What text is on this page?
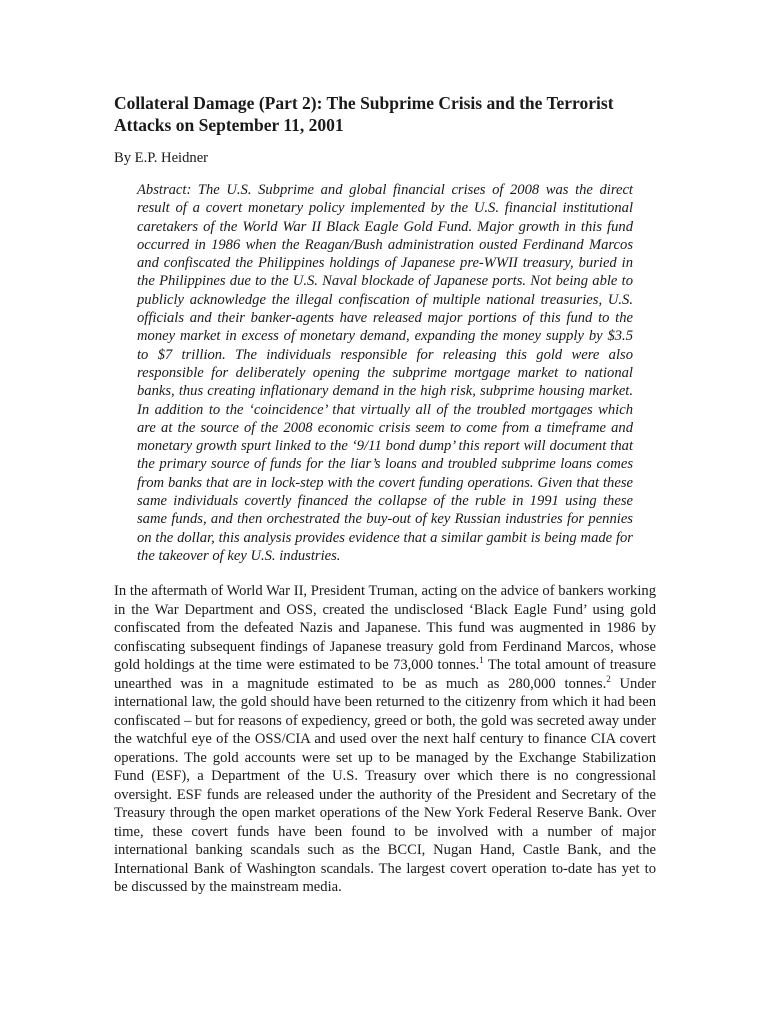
Collateral Damage (Part 2): The Subprime Crisis and the Terrorist Attacks on September 11, 2001

By E.P. Heidner

Abstract: The U.S. Subprime and global financial crises of 2008 was the direct result of a covert monetary policy implemented by the U.S. financial institutional caretakers of the World War II Black Eagle Gold Fund. Major growth in this fund occurred in 1986 when the Reagan/Bush administration ousted Ferdinand Marcos and confiscated the Philippines holdings of Japanese pre-WWII treasury, buried in the Philippines due to the U.S. Naval blockade of Japanese ports. Not being able to publicly acknowledge the illegal confiscation of multiple national treasuries, U.S. officials and their banker-agents have released major portions of this fund to the money market in excess of monetary demand, expanding the money supply by $3.5 to $7 trillion. The individuals responsible for releasing this gold were also responsible for deliberately opening the subprime mortgage market to national banks, thus creating inflationary demand in the high risk, subprime housing market. In addition to the ‘coincidence’ that virtually all of the troubled mortgages which are at the source of the 2008 economic crisis seem to come from a timeframe and monetary growth spurt linked to the ‘9/11 bond dump’ this report will document that the primary source of funds for the liar’s loans and troubled subprime loans comes from banks that are in lock-step with the covert funding operations. Given that these same individuals covertly financed the collapse of the ruble in 1991 using these same funds, and then orchestrated the buy-out of key Russian industries for pennies on the dollar, this analysis provides evidence that a similar gambit is being made for the takeover of key U.S. industries.

In the aftermath of World War II, President Truman, acting on the advice of bankers working in the War Department and OSS, created the undisclosed ‘Black Eagle Fund’ using gold confiscated from the defeated Nazis and Japanese. This fund was augmented in 1986 by confiscating subsequent findings of Japanese treasury gold from Ferdinand Marcos, whose gold holdings at the time were estimated to be 73,000 tonnes.$^1$ The total amount of treasure unearthed was in a magnitude estimated to be as much as 280,000 tonnes.$^2$ Under international law, the gold should have been returned to the citizenry from which it had been confiscated – but for reasons of expediency, greed or both, the gold was secreted away under the watchful eye of the OSS/CIA and used over the next half century to finance CIA covert operations. The gold accounts were set up to be managed by the Exchange Stabilization Fund (ESF), a Department of the U.S. Treasury over which there is no congressional oversight. ESF funds are released under the authority of the President and Secretary of the Treasury through the open market operations of the New York Federal Reserve Bank. Over time, these covert funds have been found to be involved with a number of major international banking scandals such as the BCCI, Nugan Hand, Castle Bank, and the International Bank of Washington scandals. The largest covert operation to-date has yet to be discussed by the mainstream media.
